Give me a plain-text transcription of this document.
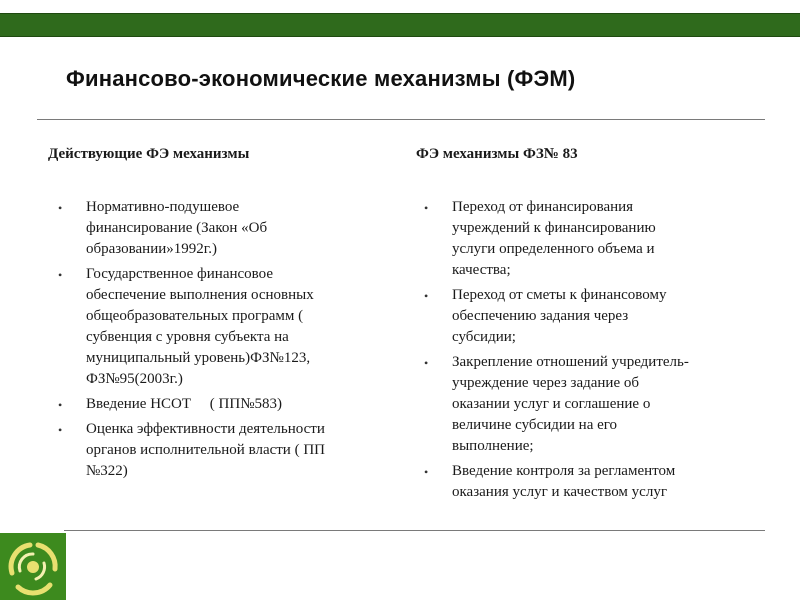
Финансово-экономические механизмы (ФЭМ)
Действующие ФЭ механизмы	ФЭ механизмы ФЗ№ 83
• Нормативно-подушевое
финансирование (Закон «Об
образовании»1992г.)
• Государственное финансовое
обеспечение выполнения основных
общеобразовательных программ (
субвенция с уровня субъекта на
муниципальный уровень)ФЗ№123,
ФЗ№95(2003г.)
• Введение НСОТ     ( ПП№583)
• Оценка эффективности деятельности
органов исполнительной власти ( ПП
№322)
• Переход от финансирования
учреждений к финансированию
услуги определенного объема и
качества;
• Переход от сметы к финансовому
обеспечению задания через
субсидии;
• Закрепление отношений учредитель-
учреждение через задание об
оказании услуг и соглашение о
величине субсидии на его
выполнение;
• Введение контроля за регламентом
оказания услуг и качеством услуг
